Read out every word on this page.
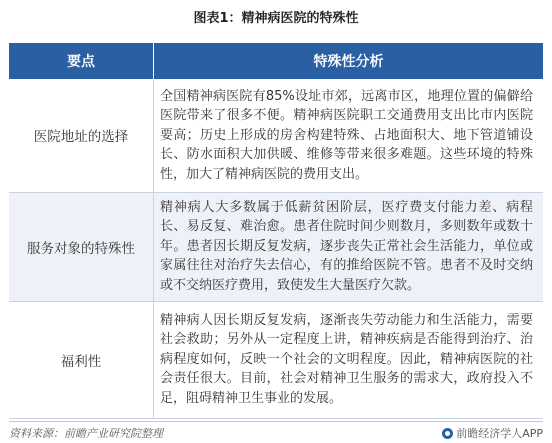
图表1：精神病医院的特殊性
要点	特殊性分析
医院地址的选择	全国精神病医院有85%设址市郊，远离市区，地理位置的偏僻给医院带来了很多不便。精神病医院职工交通费用支出比市内医院要高；历史上形成的房舍构建特殊、占地面积大、地下管道铺设长、防水面积大加供暖、维修等带来很多难题。这些环境的特殊性，加大了精神病医院的费用支出。
服务对象的特殊性	精神病人大多数属于低薪贫困阶层，医疗费支付能力差、病程长、易反复、难治愈。患者住院时间少则数月，多则数年或数十年。患者因长期反复发病，逐步丧失正常社会生活能力，单位或家属往往对治疗失去信心，有的推给医院不管。患者不及时交纳或不交纳医疗费用，致使发生大量医疗欠款。
福利性	精神病人因长期反复发病，逐渐丧失劳动能力和生活能力，需要社会救助；另外从一定程度上讲，精神疾病是否能得到治疗、治病程度如何，反映一个社会的文明程度。因此，精神病医院的社会责任很大。目前，社会对精神卫生服务的需求大，政府投入不足，阻碍精神卫生事业的发展。
资料来源：前瞻产业研究院整理	前瞻经济学人APP
